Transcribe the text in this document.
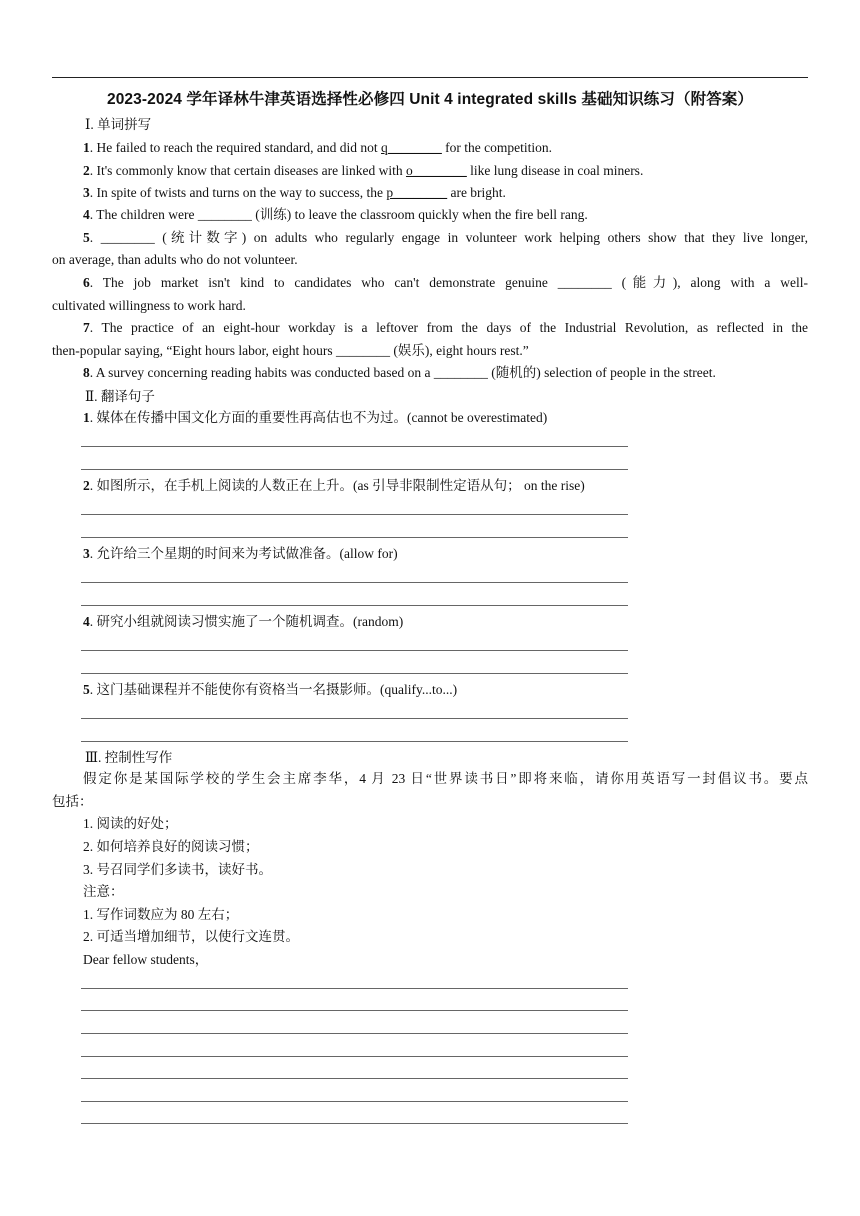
2023-2024 学年译林牛津英语选择性必修四 Unit 4 integrated skills 基础知识练习（附答案）
Ⅰ. 单词拼写
1. He failed to reach the required standard, and did not q________ for the competition.
2. It's commonly know that certain diseases are linked with o________ like lung disease in coal miners.
3. In spite of twists and turns on the way to success, the p________ are bright.
4. The children were ________ (训练) to leave the classroom quickly when the fire bell rang.
5. ________ (统计数字) on adults who regularly engage in volunteer work helping others show that they live longer,
on average, than adults who do not volunteer.
6. The job market isn't kind to candidates who can't demonstrate genuine ________ (能力), along with a well-
cultivated willingness to work hard.
7. The practice of an eight-hour workday is a leftover from the days of the Industrial Revolution, as reflected in the
then-popular saying, “Eight hours labor, eight hours ________ (娱乐), eight hours rest.”
8. A survey concerning reading habits was conducted based on a ________ (随机的) selection of people in the street.
Ⅱ. 翻译句子
1. 媒体在传播中国文化方面的重要性再高估也不为过。(cannot be overestimated)
2. 如图所示，在手机上阅读的人数正在上升。(as 引导非限制性定语从句； on the rise)
3. 允许给三个星期的时间来为考试做准备。(allow for)
4. 研究小组就阅读习惯实施了一个随机调查。(random)
5. 这门基础课程并不能使你有资格当一名摄影师。(qualify...to...)
Ⅲ. 控制性写作
假定你是某国际学校的学生会主席李华，4 月 23 日“世界读书日”即将来临，请你用英语写一封倡议书。要点
包括：
1. 阅读的好处；
2. 如何培养良好的阅读习惯；
3. 号召同学们多读书，读好书。
注意：
1. 写作词数应为 80 左右；
2. 可适当增加细节，以使行文连贯。
Dear fellow students，
